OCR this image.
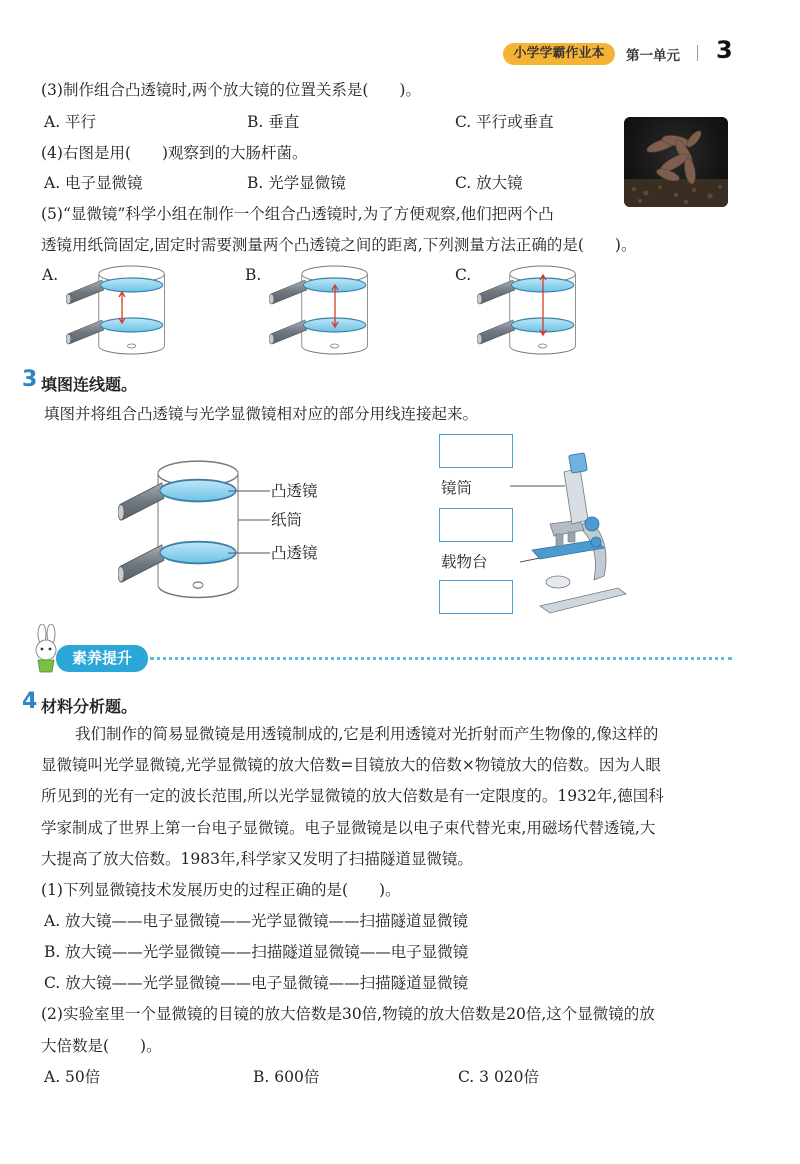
小学学霸作业本	第一单元 3
(3)制作组合凸透镜时,两个放大镜的位置关系是(　　)。
A. 平行	B. 垂直	C. 平行或垂直
(4)右图是用(　　)观察到的大肠杆菌。
A. 电子显微镜	B. 光学显微镜	C. 放大镜
(5)“显微镜”科学小组在制作一个组合凸透镜时,为了方便观察,他们把两个凸
透镜用纸筒固定,固定时需要测量两个凸透镜之间的距离,下列测量方法正确的是(　　)。
A.	B.	C.
3 填图连线题。
填图并将组合凸透镜与光学显微镜相对应的部分用线连接起来。
凸透镜
纸筒
凸透镜
镜筒
载物台
素养提升
4 材料分析题。
我们制作的简易显微镜是用透镜制成的,它是利用透镜对光折射而产生物像的,像这样的
显微镜叫光学显微镜,光学显微镜的放大倍数=目镜放大的倍数×物镜放大的倍数。因为人眼
所见到的光有一定的波长范围,所以光学显微镜的放大倍数是有一定限度的。1932年,德国科
学家制成了世界上第一台电子显微镜。电子显微镜是以电子束代替光束,用磁场代替透镜,大
大提高了放大倍数。1983年,科学家又发明了扫描隧道显微镜。
(1)下列显微镜技术发展历史的过程正确的是(　　)。
A. 放大镜——电子显微镜——光学显微镜——扫描隧道显微镜
B. 放大镜——光学显微镜——扫描隧道显微镜——电子显微镜
C. 放大镜——光学显微镜——电子显微镜——扫描隧道显微镜
(2)实验室里一个显微镜的目镜的放大倍数是30倍,物镜的放大倍数是20倍,这个显微镜的放
大倍数是(　　)。
A. 50倍	B. 600倍	C. 3 020倍
